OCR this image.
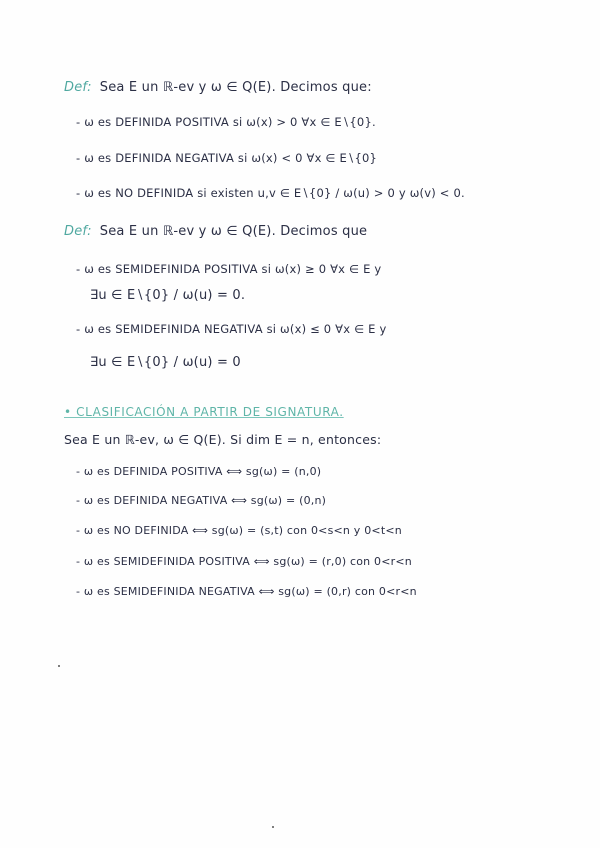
Def: Sea E un ℝ-ev y ω ∈ Q(E). Decimos que:
- ω es DEFINIDA POSITIVA si ω(x) > 0 ∀x ∈ E∖{0}.
- ω es DEFINIDA NEGATIVA si ω(x) < 0 ∀x ∈ E∖{0}
- ω es NO DEFINIDA si existen u,v ∈ E∖{0} / ω(u) > 0 y ω(v) < 0.
Def: Sea E un ℝ-ev y ω ∈ Q(E). Decimos que
- ω es SEMIDEFINIDA POSITIVA si ω(x) ≥ 0 ∀x ∈ E y
∃u ∈ E∖{0} / ω(u) = 0.
- ω es SEMIDEFINIDA NEGATIVA si ω(x) ≤ 0 ∀x ∈ E y
∃u ∈ E∖{0} / ω(u) = 0
• CLASIFICACIÓN A PARTIR DE SIGNATURA.
Sea E un ℝ-ev, ω ∈ Q(E). Si dim E = n, entonces:
- ω es DEFINIDA POSITIVA ⟺ sg(ω) = (n,0)
- ω es DEFINIDA NEGATIVA ⟺ sg(ω) = (0,n)
- ω es NO DEFINIDA ⟺ sg(ω) = (s,t) con 0<s<n y 0<t<n
- ω es SEMIDEFINIDA POSITIVA ⟺ sg(ω) = (r,0) con 0<r<n
- ω es SEMIDEFINIDA NEGATIVA ⟺ sg(ω) = (0,r) con 0<r<n
